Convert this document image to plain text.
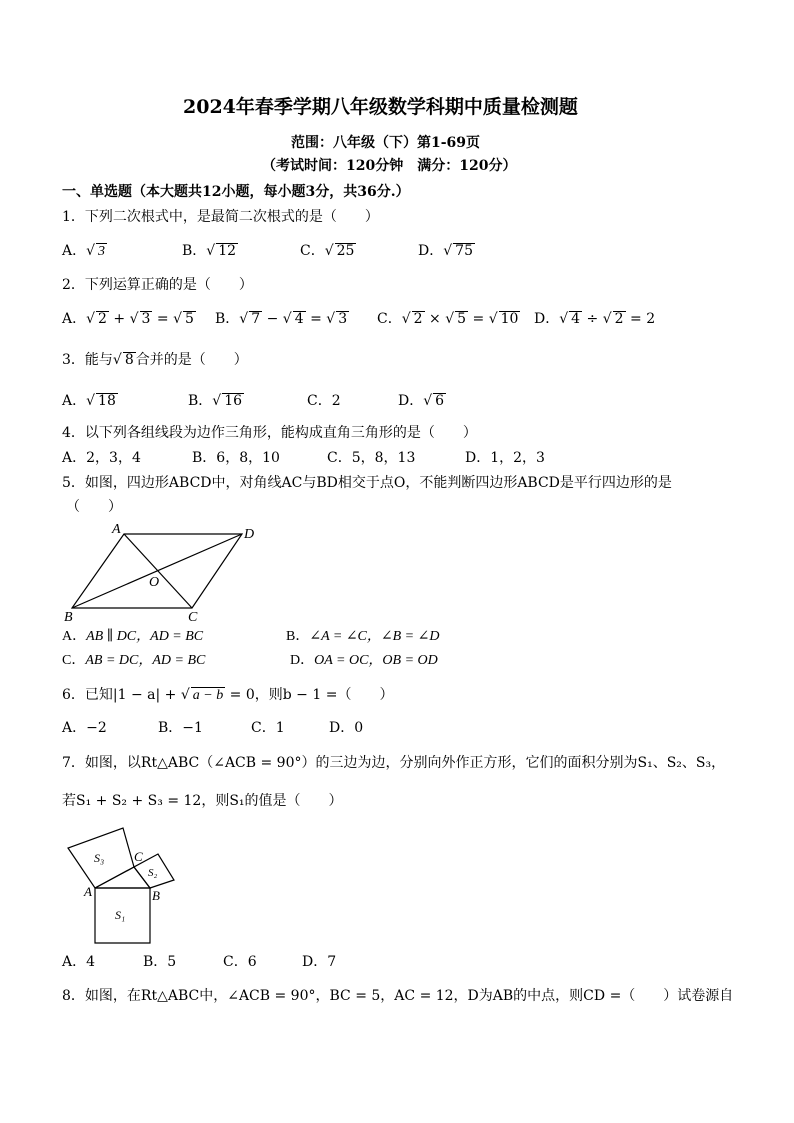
2024年春季学期八年级数学科期中质量检测题
范围：八年级（下）第1-69页
（考试时间：120分钟　满分：120分）
一、单选题（本大题共12小题，每小题3分，共36分.）
1．下列二次根式中，是最简二次根式的是（　　）
A．√ 3	B．√ 12	C．√ 25	D．√ 75
2．下列运算正确的是（　　）
A．√ 2 + √ 3 = √ 5 B．√ 7 − √ 4 = √ 3 C．√ 2 × √ 5 = √ 10 D．√ 4 ÷ √ 2 = 2
3．能与√ 8 合并的是（　　）
A．√ 18	B．√ 16	C．2	D．√ 6
4．以下列各组线段为边作三角形，能构成直角三角形的是（　　）
A．2，3，4	B．6，8，10	C．5，8，13	D．1，2，3
5．如图，四边形ABCD中，对角线AC与BD相交于点O，不能判断四边形ABCD是平行四边形的是
（　　）
A	D
O
B	C
A．AB ∥ DC，AD = BC	B．∠A = ∠C，∠B = ∠D
C．AB = DC，AD = BC	D．OA = OC，OB = OD
6．已知|1 − a| + √ a − b = 0，则b − 1 =（　　）
A．−2	B．−1	C．1	D．0
7．如图，以Rt△ABC（∠ACB = 90°）的三边为边，分别向外作正方形，它们的面积分别为S₁、S₂、S₃，
若S₁ + S₂ + S₃ = 12，则S₁的值是（　　）
A	B
C
S₁
S₂
S₃
A．4	B．5	C．6	D．7
8．如图，在Rt△ABC中，∠ACB = 90°，BC = 5，AC = 12，D为AB的中点，则CD =（　　）试卷源自
